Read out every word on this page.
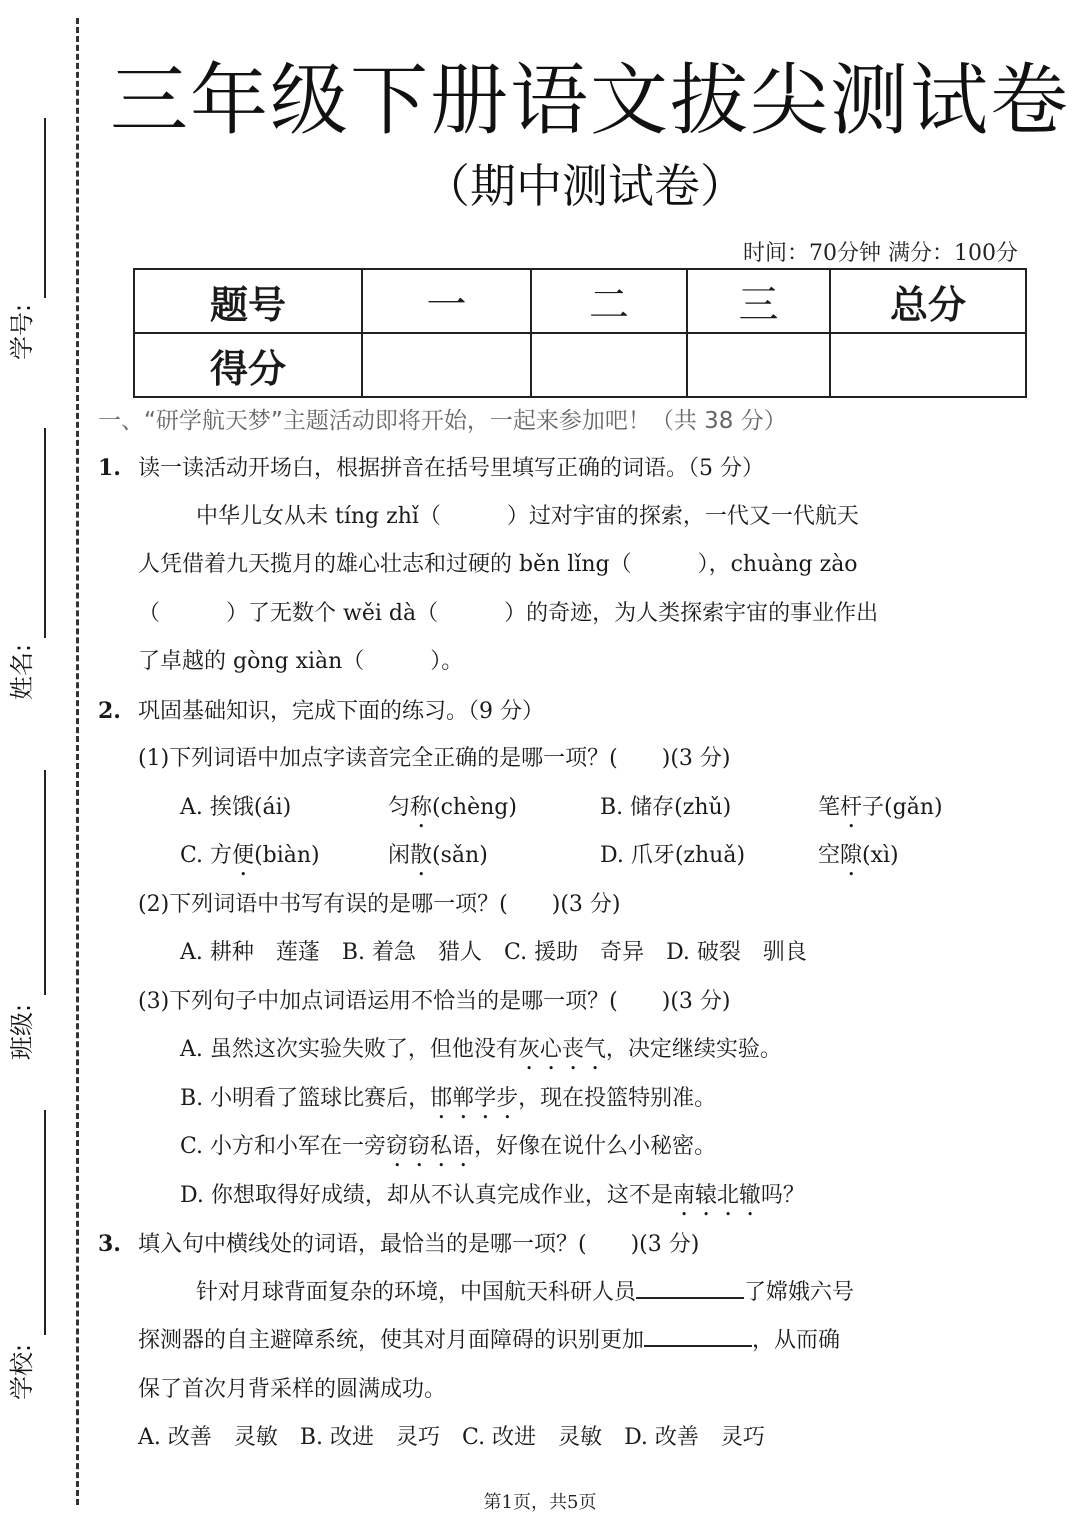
学号:
姓名:
班级:
学校:
三年级下册语文拔尖测试卷
（期中测试卷）
时间：70分钟 满分：100分
题号	一	二	三	总分
得分				
一、“研学航天梦”主题活动即将开始，一起来参加吧！（共 38 分）
1. 读一读活动开场白，根据拼音在括号里填写正确的词语。（5 分）
中华儿女从未 tíng zhǐ（　　　）过对宇宙的探索，一代又一代航天
人凭借着九天揽月的雄心壮志和过硬的 běn lǐng（　　　），chuàng zào
（　　　）了无数个 wěi dà（　　　）的奇迹，为人类探索宇宙的事业作出
了卓越的 gòng xiàn（　　　）。
2. 巩固基础知识，完成下面的练习。（9 分）
(1)下列词语中加点字读音完全正确的是哪一项？(　　)(3 分)
A. 挨饿(ái)	匀称(chèng)	B. 储存(zhǔ)	笔杆子(gǎn)
C. 方便(biàn)	闲散(sǎn)	D. 爪牙(zhuǎ)	空隙(xì)
(2)下列词语中书写有误的是哪一项？(　　)(3 分)
A. 耕种　莲蓬　B. 着急　猎人　C. 援助　奇异　D. 破裂　驯良
(3)下列句子中加点词语运用不恰当的是哪一项？(　　)(3 分)
A. 虽然这次实验失败了，但他没有灰心丧气，决定继续实验。
B. 小明看了篮球比赛后，邯郸学步，现在投篮特别准。
C. 小方和小军在一旁窃窃私语，好像在说什么小秘密。
D. 你想取得好成绩，却从不认真完成作业，这不是南辕北辙吗？
3. 填入句中横线处的词语，最恰当的是哪一项？(　　)(3 分)
针对月球背面复杂的环境，中国航天科研人员	了嫦娥六号
探测器的自主避障系统，使其对月面障碍的识别更加	，从而确
保了首次月背采样的圆满成功。
A. 改善　灵敏　B. 改进　灵巧　C. 改进　灵敏　D. 改善　灵巧
第1页，共5页
